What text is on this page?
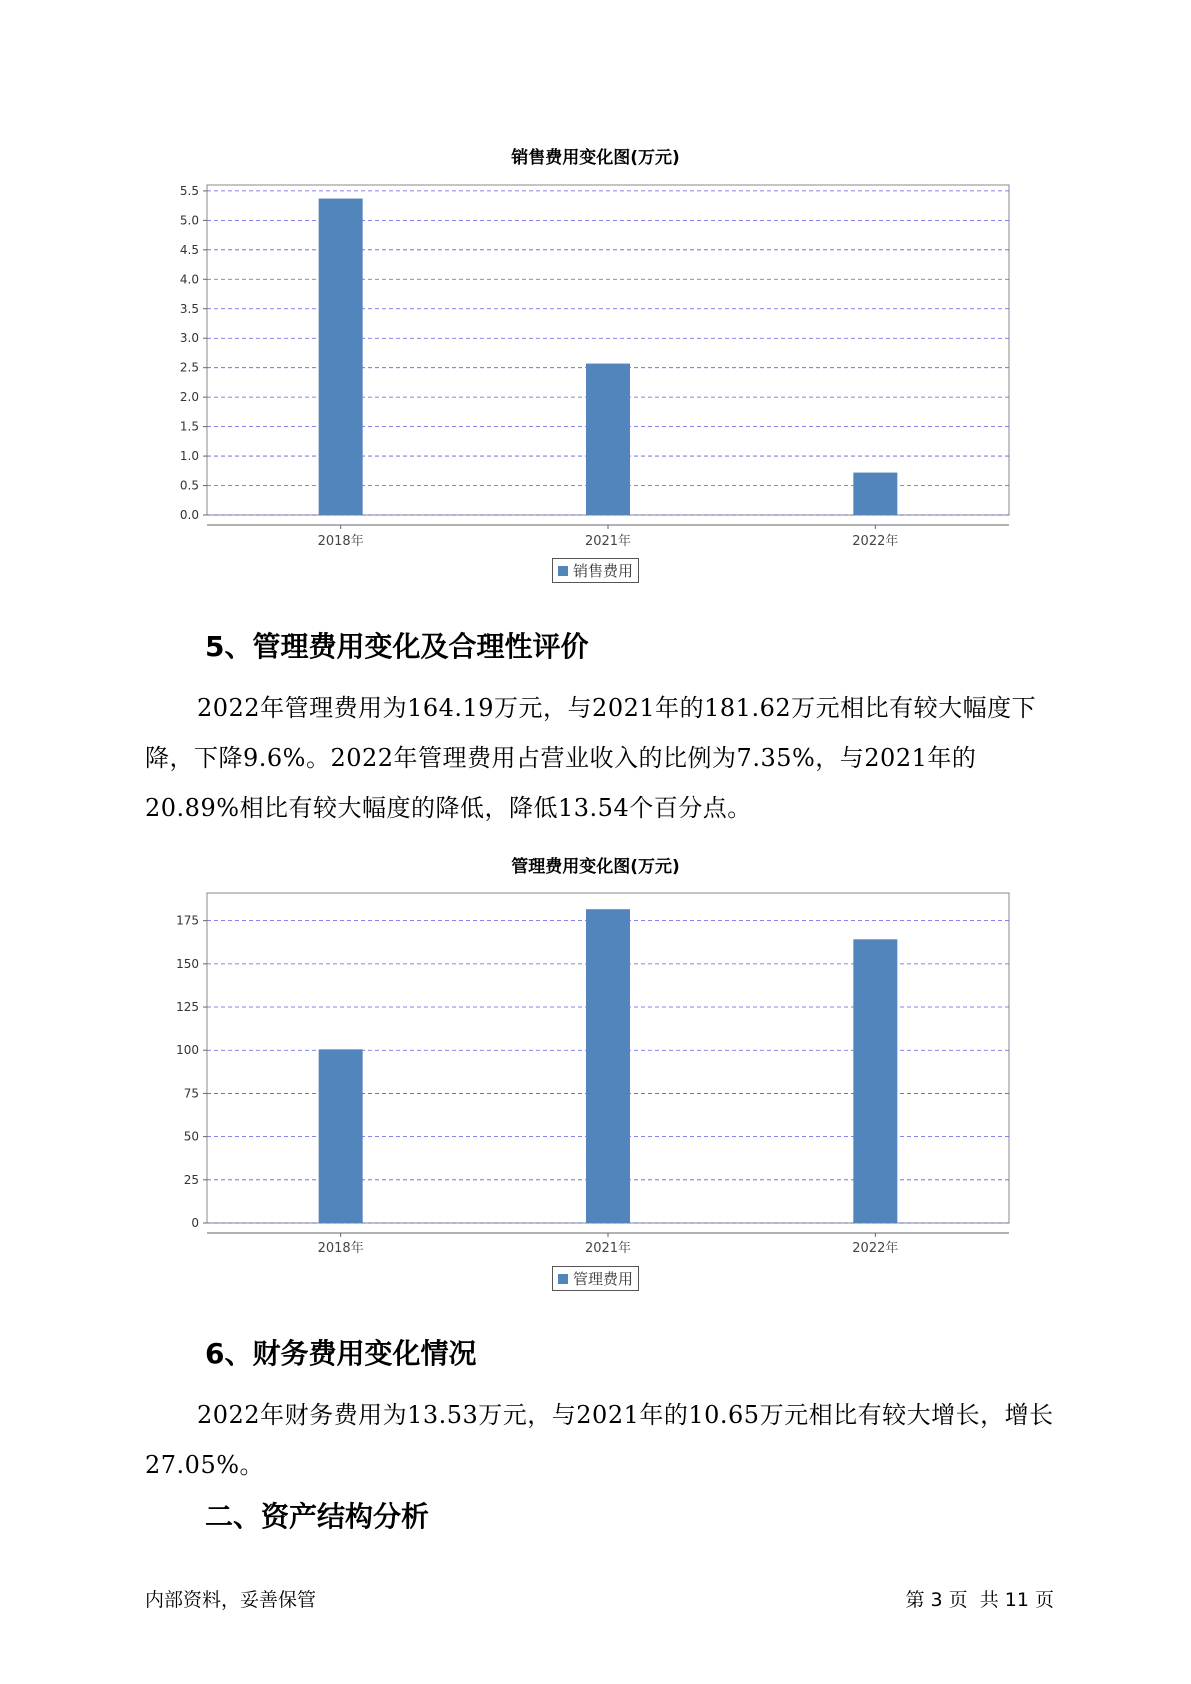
销售费用变化图(万元)
0.0
0.5
1.0
1.5
2.0
2.5
3.0
3.5
4.0
4.5
5.0
5.5
2018年	2021年	2022年
销售费用
5、管理费用变化及合理性评价

2022年管理费用为164.19万元，与2021年的181.62万元相比有较大幅度下降，下降9.6%。2022年管理费用占营业收入的比例为7.35%，与2021年的20.89%相比有较大幅度的降低，降低13.54个百分点。

管理费用变化图(万元)
0
25
50
75
100
125
150
175
2018年	2021年	2022年
管理费用
6、财务费用变化情况

2022年财务费用为13.53万元，与2021年的10.65万元相比有较大增长，增长27.05%。

二、资产结构分析
内部资料，妥善保管	第 3 页  共 11 页
